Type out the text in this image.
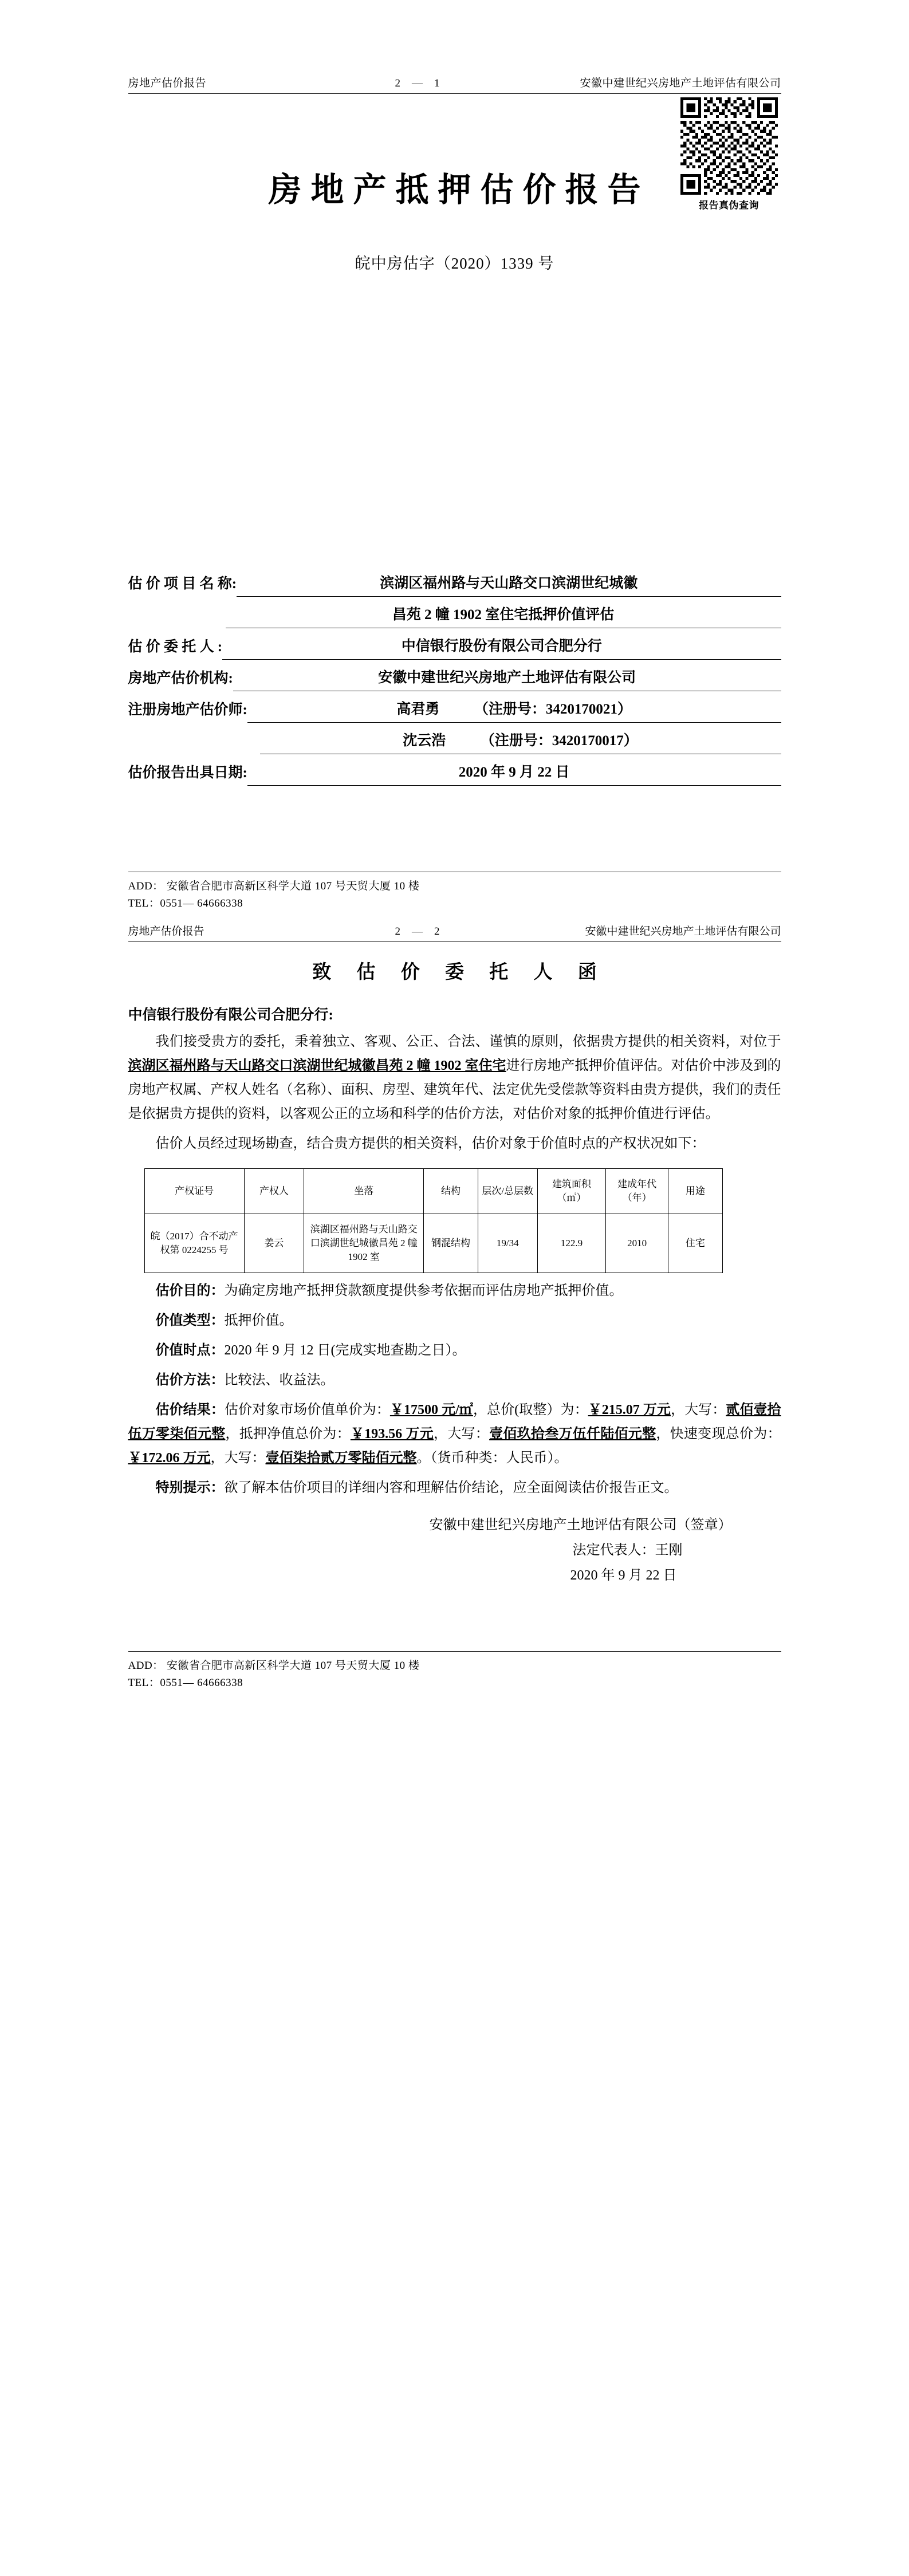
房地产估价报告	2—1	安徽中建世纪兴房地产土地评估有限公司
报告真伪查询
房地产抵押估价报告
皖中房估字（2020）1339 号
估 价 项 目 名 称:	滨湖区福州路与天山路交口滨湖世纪城徽
昌苑 2 幢 1902 室住宅抵押价值评估
估 价 委 托 人 :	中信银行股份有限公司合肥分行
房地产估价机构:	安徽中建世纪兴房地产土地评估有限公司
注册房地产估价师:	高君勇 （注册号：3420170021）
沈云浩 （注册号：3420170017）
估价报告出具日期:	2020 年 9 月 22 日
ADD： 安徽省合肥市高新区科学大道 107 号天贸大厦 10 楼
TEL：0551— 64666338
房地产估价报告	2—2	安徽中建世纪兴房地产土地评估有限公司
致 估 价 委 托 人 函
中信银行股份有限公司合肥分行:

我们接受贵方的委托，秉着独立、客观、公正、合法、谨慎的原则，依据贵方提供的相关资料，对位于滨湖区福州路与天山路交口滨湖世纪城徽昌苑 2 幢 1902 室住宅进行房地产抵押价值评估。对估价中涉及到的房地产权属、产权人姓名（名称）、面积、房型、建筑年代、法定优先受偿款等资料由贵方提供，我们的责任是依据贵方提供的资料，以客观公正的立场和科学的估价方法，对估价对象的抵押价值进行评估。

估价人员经过现场勘查，结合贵方提供的相关资料，估价对象于价值时点的产权状况如下：

产权证号	产权人	坐落	结构	层次/总层数	建筑面积（㎡）	建成年代（年）	用途
皖（2017）合不动产权第 0224255 号	姜云	滨湖区福州路与天山路交口滨湖世纪城徽昌苑 2 幢 1902 室	钢混结构	19/34	122.9	2010	住宅

估价目的：为确定房地产抵押贷款额度提供参考依据而评估房地产抵押价值。

价值类型：抵押价值。

价值时点：2020 年 9 月 12 日(完成实地查勘之日）。

估价方法：比较法、收益法。

估价结果：估价对象市场价值单价为：￥17500 元/㎡，总价(取整）为：￥215.07 万元，大写：贰佰壹拾伍万零柒佰元整，抵押净值总价为：￥193.56 万元，大写：壹佰玖拾叁万伍仟陆佰元整，快速变现总价为：￥172.06 万元，大写：壹佰柒拾贰万零陆佰元整。（货币种类：人民币）。

特别提示：欲了解本估价项目的详细内容和理解估价结论，应全面阅读估价报告正文。

安徽中建世纪兴房地产土地评估有限公司（签章）
法定代表人：王刚
2020 年 9 月 22 日
ADD： 安徽省合肥市高新区科学大道 107 号天贸大厦 10 楼
TEL：0551— 64666338
